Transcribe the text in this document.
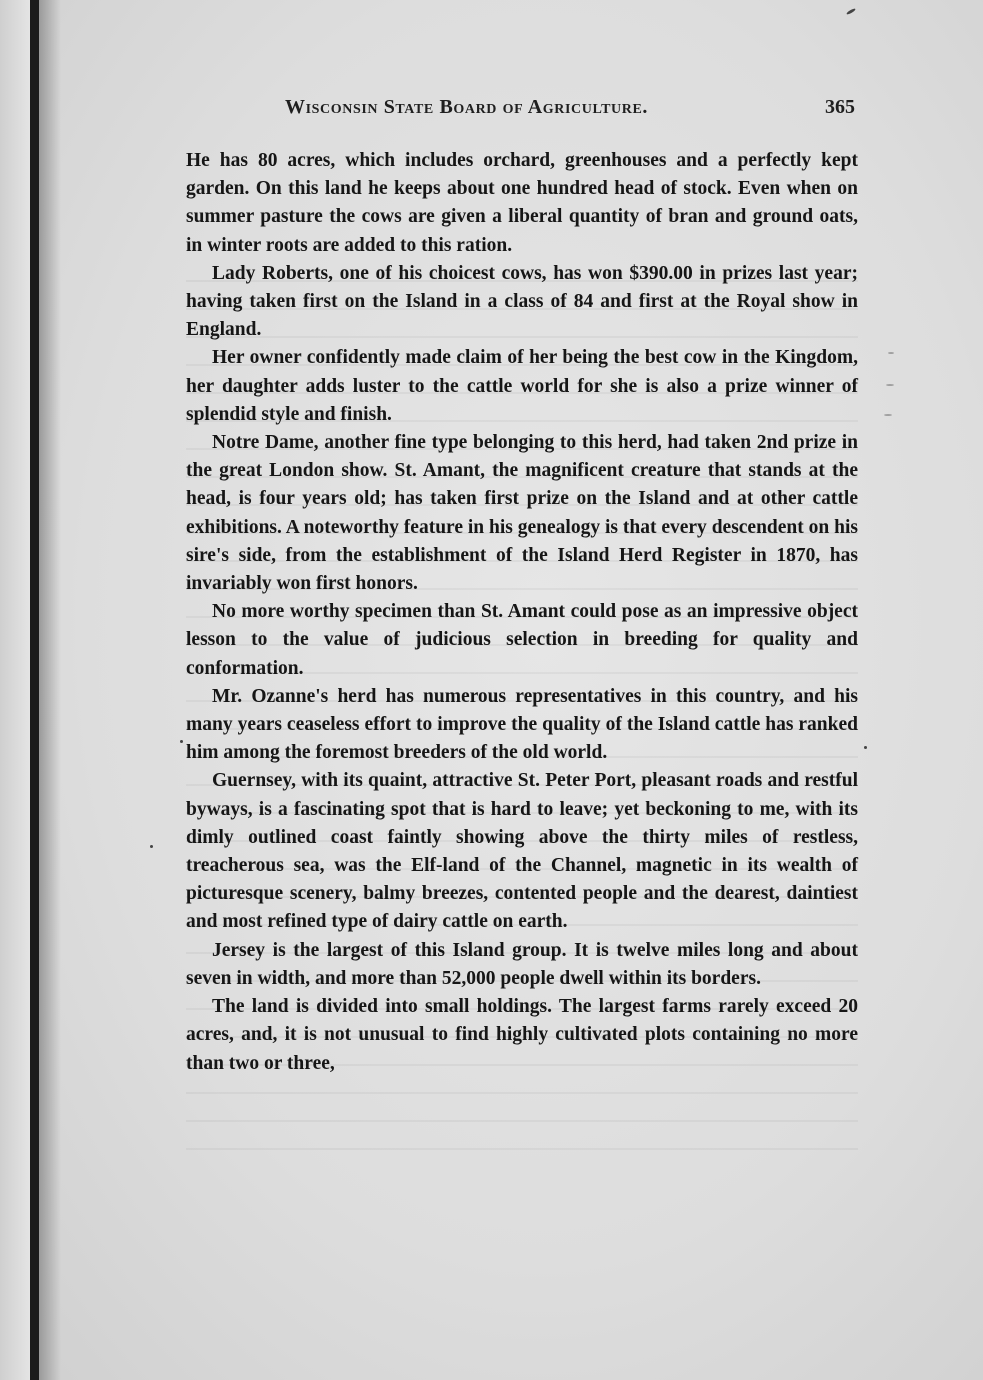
Wisconsin State Board of Agriculture.	365

He has 80 acres, which includes orchard, greenhouses and a perfectly kept garden. On this land he keeps about one hundred head of stock. Even when on summer pasture the cows are given a liberal quantity of bran and ground oats, in winter roots are added to this ration.

Lady Roberts, one of his choicest cows, has won $390.00 in prizes last year; having taken first on the Island in a class of 84 and first at the Royal show in England.

Her owner confidently made claim of her being the best cow in the Kingdom, her daughter adds luster to the cattle world for she is also a prize winner of splendid style and finish.

Notre Dame, another fine type belonging to this herd, had taken 2nd prize in the great London show. St. Amant, the magnificent creature that stands at the head, is four years old; has taken first prize on the Island and at other cattle exhibitions. A noteworthy feature in his genealogy is that every descendent on his sire's side, from the establishment of the Island Herd Register in 1870, has invariably won first honors.

No more worthy specimen than St. Amant could pose as an impressive object lesson to the value of judicious selection in breeding for quality and conformation.

Mr. Ozanne's herd has numerous representatives in this country, and his many years ceaseless effort to improve the quality of the Island cattle has ranked him among the foremost breeders of the old world.

Guernsey, with its quaint, attractive St. Peter Port, pleasant roads and restful byways, is a fascinating spot that is hard to leave; yet beckoning to me, with its dimly outlined coast faintly showing above the thirty miles of restless, treacherous sea, was the Elf-land of the Channel, magnetic in its wealth of picturesque scenery, balmy breezes, contented people and the dearest, daintiest and most refined type of dairy cattle on earth.

Jersey is the largest of this Island group. It is twelve miles long and about seven in width, and more than 52,000 people dwell within its borders.

The land is divided into small holdings. The largest farms rarely exceed 20 acres, and, it is not unusual to find highly cultivated plots containing no more than two or three,
